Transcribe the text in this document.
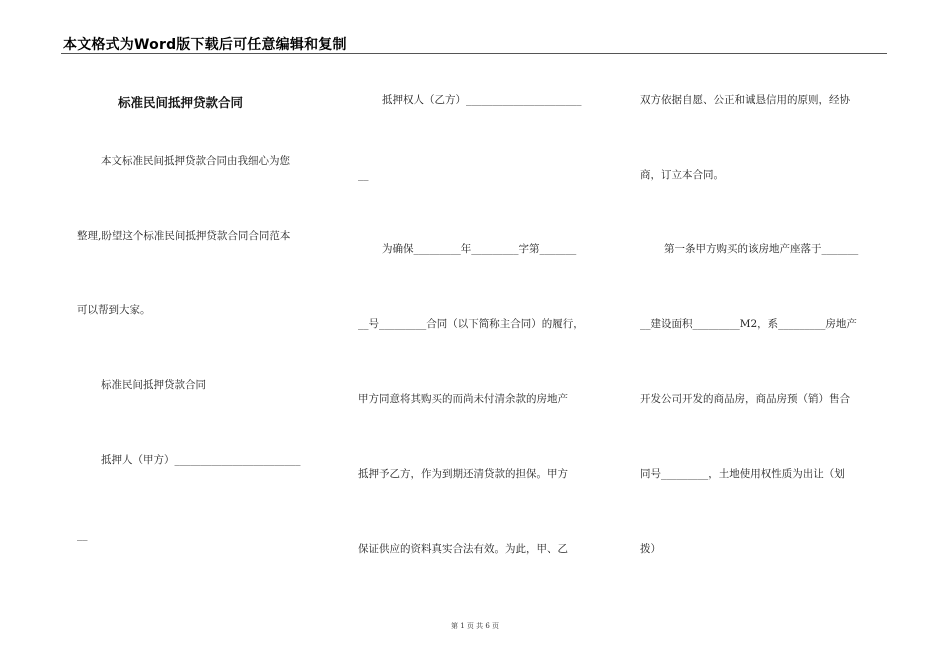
本文格式为Word版下载后可任意编辑和复制
标准民间抵押贷款合同
本文标准民间抵押贷款合同由我细心为您
整理,盼望这个标准民间抵押贷款合同合同范本
可以帮到大家。
标准民间抵押贷款合同
抵押人（甲方）________________________
__
抵押权人（乙方）______________________
__
为确保_________年_________字第_______
__号_________合同（以下简称主合同）的履行，
甲方同意将其购买的而尚未付清余款的房地产
抵押予乙方，作为到期还清贷款的担保。甲方
保证供应的资料真实合法有效。为此，甲、乙
双方依据自愿、公正和诚恳信用的原则，经协
商，订立本合同。
第一条甲方购买的该房地产座落于_______
__建设面积_________M2，系_________房地产
开发公司开发的商品房，商品房预（销）售合
同号_________，土地使用权性质为出让（划
拨）
第 1 页 共 6 页
